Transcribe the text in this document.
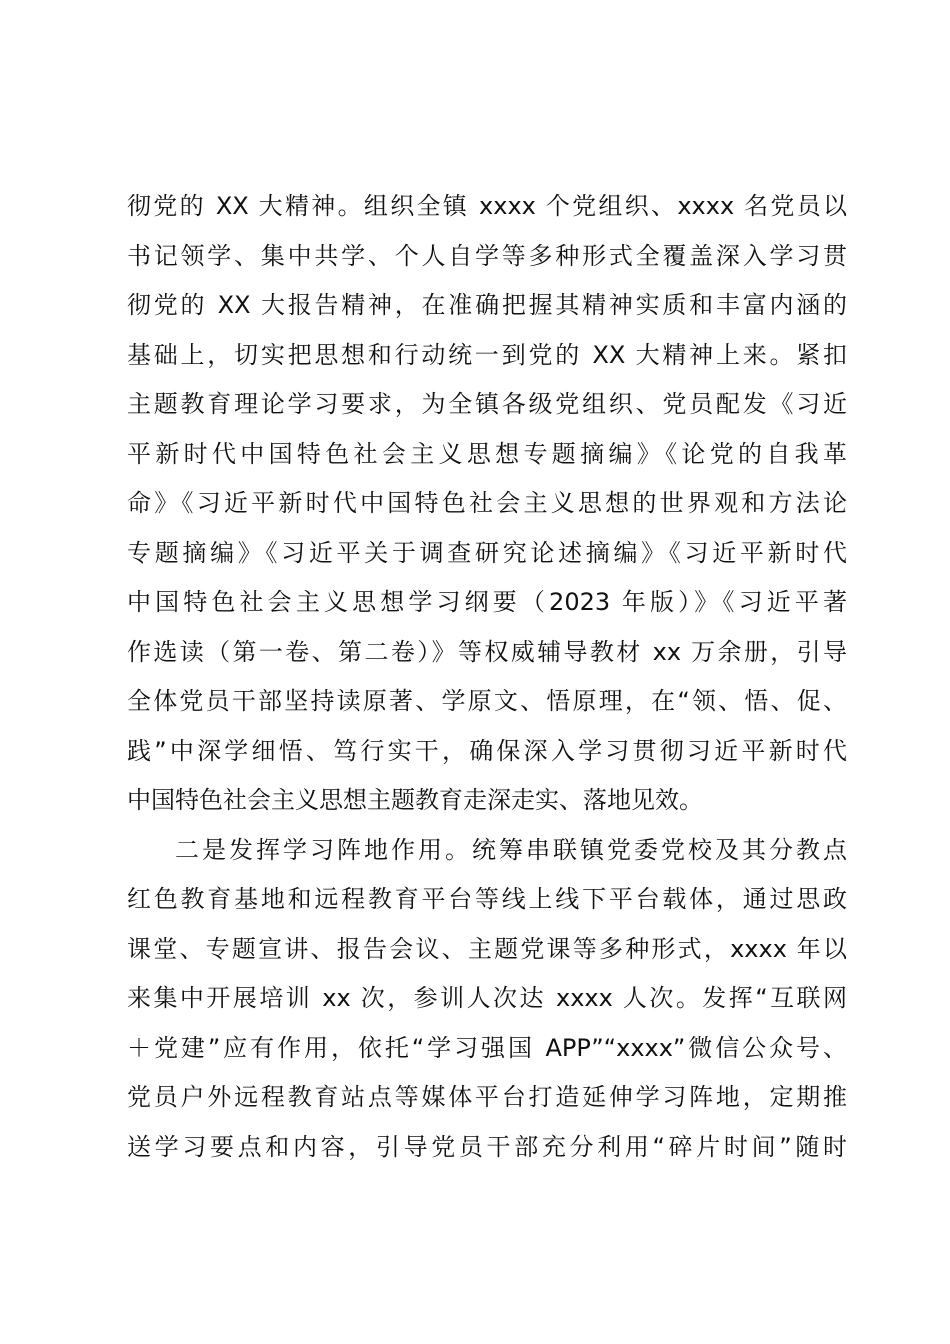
彻党的 XX 大精神。组织全镇 xxxx 个党组织、xxxx 名党员以
书记领学、集中共学、个人自学等多种形式全覆盖深入学习贯
彻党的 XX 大报告精神，在准确把握其精神实质和丰富内涵的
基础上，切实把思想和行动统一到党的 XX 大精神上来。紧扣
主题教育理论学习要求，为全镇各级党组织、党员配发《习近
平新时代中国特色社会主义思想专题摘编》《论党的自我革
命》《习近平新时代中国特色社会主义思想的世界观和方法论
专题摘编》《习近平关于调查研究论述摘编》《习近平新时代
中国特色社会主义思想学习纲要（2023 年版）》《习近平著
作选读（第一卷、第二卷）》等权威辅导教材 xx 万余册，引导
全体党员干部坚持读原著、学原文、悟原理，在“领、悟、促、
践”中深学细悟、笃行实干，确保深入学习贯彻习近平新时代
中国特色社会主义思想主题教育走深走实、落地见效。
二是发挥学习阵地作用。统筹串联镇党委党校及其分教点
红色教育基地和远程教育平台等线上线下平台载体，通过思政
课堂、专题宣讲、报告会议、主题党课等多种形式，xxxx 年以
来集中开展培训 xx 次，参训人次达 xxxx 人次。发挥“互联网
＋党建”应有作用，依托“学习强国 APP”“xxxx”微信公众号、
党员户外远程教育站点等媒体平台打造延伸学习阵地，定期推
送学习要点和内容，引导党员干部充分利用“碎片时间”随时
